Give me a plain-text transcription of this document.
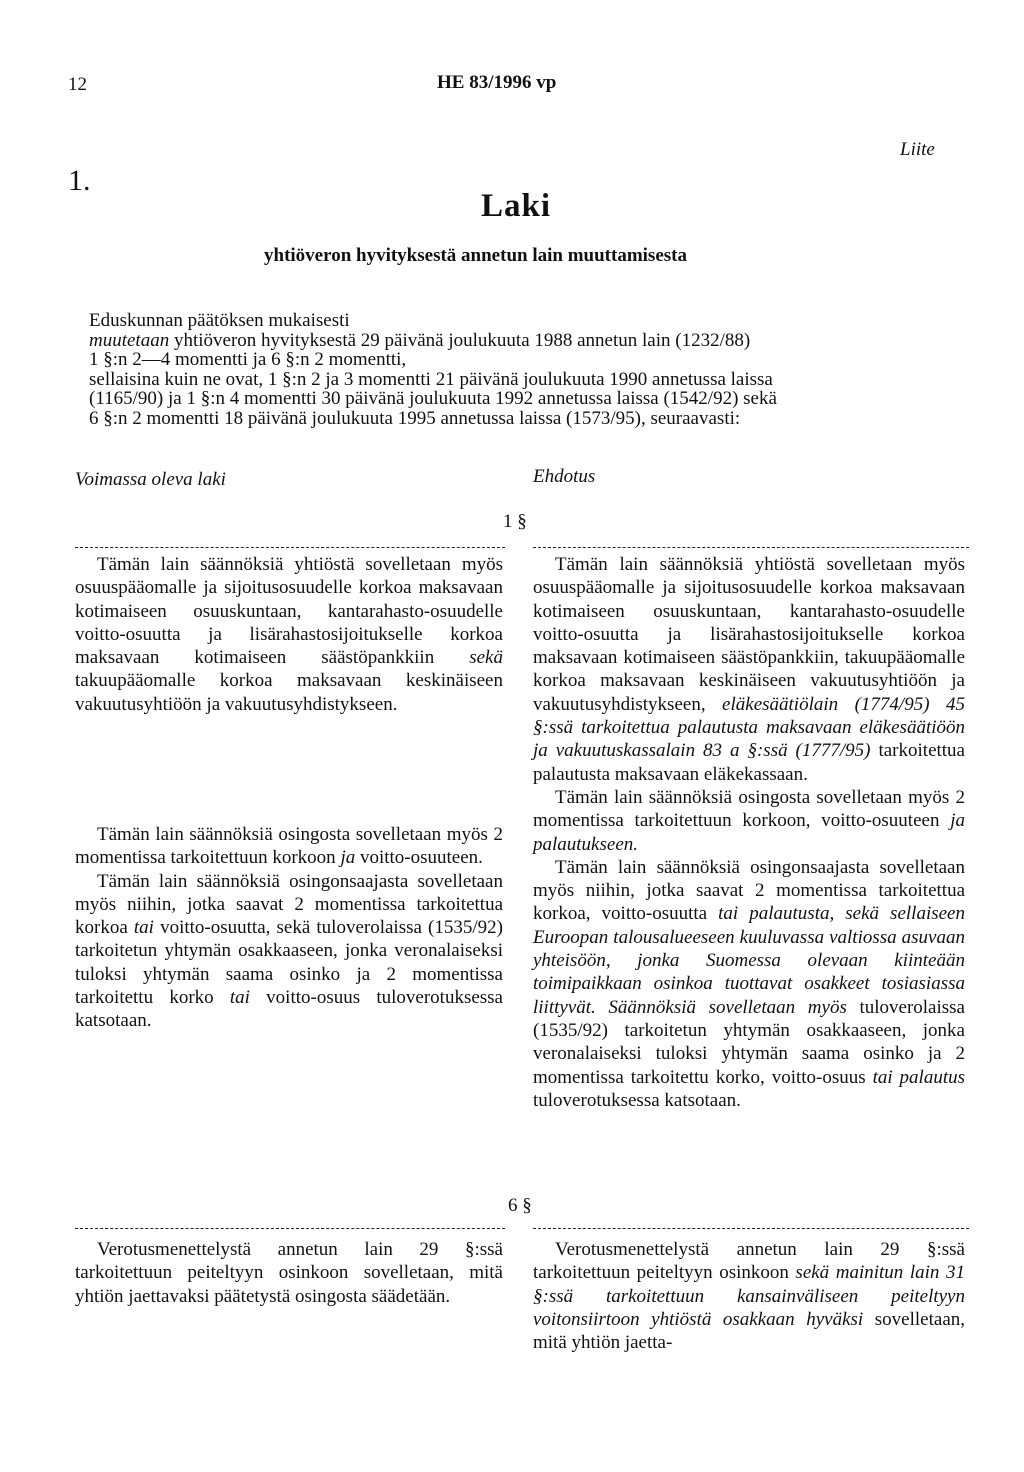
12	HE 83/1996 vp
Liite
1.
Laki
yhtiöveron hyvityksestä annetun lain muuttamisesta
Eduskunnan päätöksen mukaisesti
muutetaan yhtiöveron hyvityksestä 29 päivänä joulukuuta 1988 annetun lain (1232/88)
1 §:n 2—4 momentti ja 6 §:n 2 momentti,
sellaisina kuin ne ovat, 1 §:n 2 ja 3 momentti 21 päivänä joulukuuta 1990 annetussa laissa
(1165/90) ja 1 §:n 4 momentti 30 päivänä joulukuuta 1992 annetussa laissa (1542/92) sekä
6 §:n 2 momentti 18 päivänä joulukuuta 1995 annetussa laissa (1573/95), seuraavasti:
Voimassa oleva laki	Ehdotus
1 §

Tämän lain säännöksiä yhtiöstä sovelletaan myös osuuspääomalle ja sijoitusosuudelle korkoa maksavaan kotimaiseen osuuskuntaan, kantarahasto-osuudelle voitto-osuutta ja lisärahastosijoitukselle korkoa maksavaan kotimaiseen säästöpankkiin sekä takuupääomalle korkoa maksavaan keskinäiseen vakuutusyhtiöön ja vakuutusyhdistykseen.

Tämän lain säännöksiä osingosta sovelletaan myös 2 momentissa tarkoitettuun korkoon ja voitto-osuuteen.

Tämän lain säännöksiä osingonsaajasta sovelletaan myös niihin, jotka saavat 2 momentissa tarkoitettua korkoa tai voitto-osuutta, sekä tuloverolaissa (1535/92) tarkoitetun yhtymän osakkaaseen, jonka veronalaiseksi tuloksi yhtymän saama osinko ja 2 momentissa tarkoitettu korko tai voitto-osuus tuloverotuksessa katsotaan.

Tämän lain säännöksiä yhtiöstä sovelletaan myös osuuspääomalle ja sijoitusosuudelle korkoa maksavaan kotimaiseen osuuskuntaan, kantarahasto-osuudelle voitto-osuutta ja lisärahastosijoitukselle korkoa maksavaan kotimaiseen säästöpankkiin, takuupääomalle korkoa maksavaan keskinäiseen vakuutusyhtiöön ja vakuutusyhdistykseen, eläkesäätiölain (1774/95) 45 §:ssä tarkoitettua palautusta maksavaan eläkesäätiöön ja vakuutuskassalain 83 a §:ssä (1777/95) tarkoitettua palautusta maksavaan eläkekassaan.

Tämän lain säännöksiä osingosta sovelletaan myös 2 momentissa tarkoitettuun korkoon, voitto-osuuteen ja palautukseen.

Tämän lain säännöksiä osingonsaajasta sovelletaan myös niihin, jotka saavat 2 momentissa tarkoitettua korkoa, voitto-osuutta tai palautusta, sekä sellaiseen Euroopan talousalueeseen kuuluvassa valtiossa asuvaan yhteisöön, jonka Suomessa olevaan kiinteään toimipaikkaan osinkoa tuottavat osakkeet tosiasiassa liittyvät. Säännöksiä sovelletaan myös tuloverolaissa (1535/92) tarkoitetun yhtymän osakkaaseen, jonka veronalaiseksi tuloksi yhtymän saama osinko ja 2 momentissa tarkoitettu korko, voitto-osuus tai palautus tuloverotuksessa katsotaan.

6 §

Verotusmenettelystä annetun lain 29 §:ssä tarkoitettuun peiteltyyn osinkoon sovelletaan, mitä yhtiön jaettavaksi päätetystä osingosta säädetään.

Verotusmenettelystä annetun lain 29 §:ssä tarkoitettuun peiteltyyn osinkoon sekä mainitun lain 31 §:ssä tarkoitettuun kansainväliseen peiteltyyn voitonsiirtoon yhtiöstä osakkaan hyväksi sovelletaan, mitä yhtiön jaetta-
